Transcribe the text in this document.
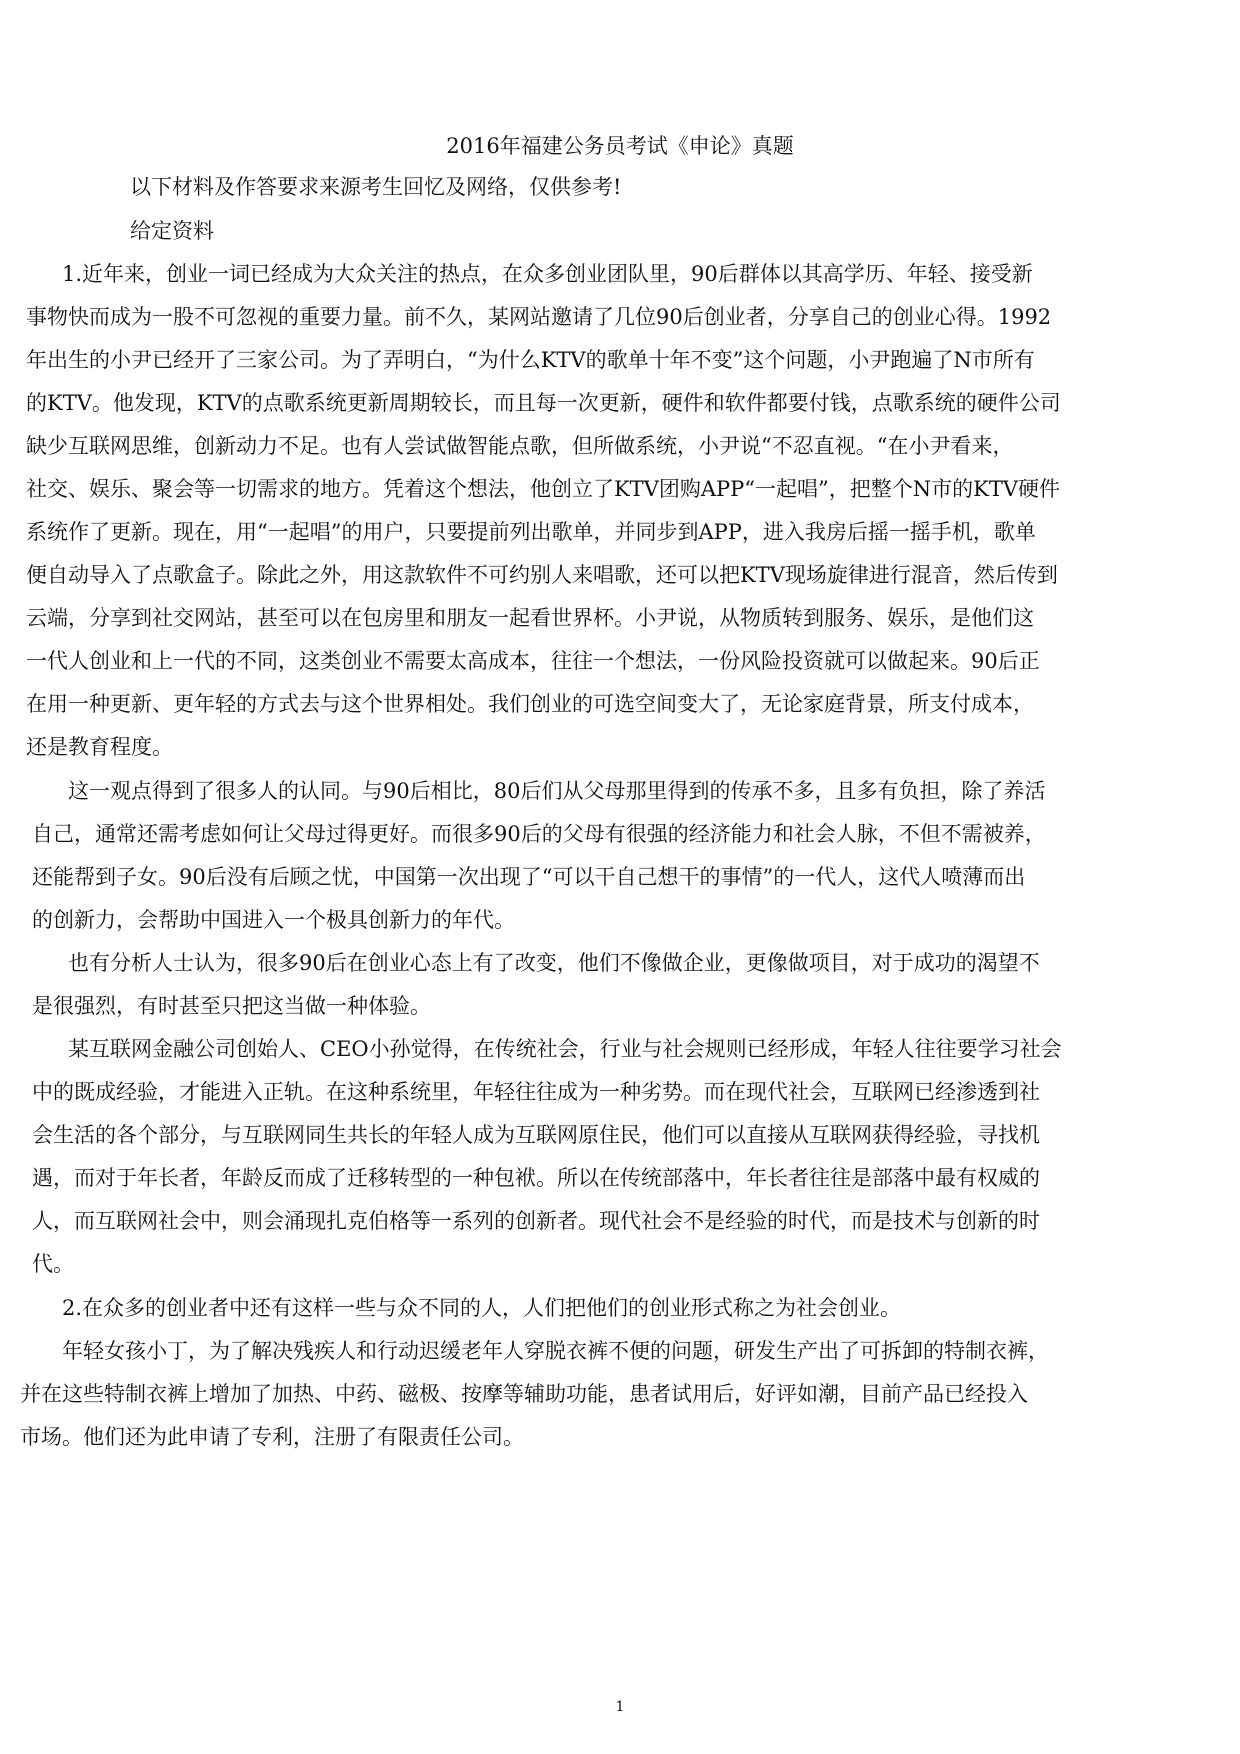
2016年福建公务员考试《申论》真题
以下材料及作答要求来源考生回忆及网络，仅供参考!
给定资料
1.近年来，创业一词已经成为大众关注的热点，在众多创业团队里，90后群体以其高学历、年轻、接受新
事物快而成为一股不可忽视的重要力量。前不久，某网站邀请了几位90后创业者，分享自己的创业心得。1992
年出生的小尹已经开了三家公司。为了弄明白，“为什么KTV的歌单十年不变”这个问题，小尹跑遍了N市所有
的KTV。他发现，KTV的点歌系统更新周期较长，而且每一次更新，硬件和软件都要付钱，点歌系统的硬件公司
缺少互联网思维，创新动力不足。也有人尝试做智能点歌，但所做系统，小尹说“不忍直视。“在小尹看来，
社交、娱乐、聚会等一切需求的地方。凭着这个想法，他创立了KTV团购APP“一起唱”，把整个N市的KTV硬件
系统作了更新。现在，用“一起唱”的用户，只要提前列出歌单，并同步到APP，进入我房后摇一摇手机，歌单
便自动导入了点歌盒子。除此之外，用这款软件不可约别人来唱歌，还可以把KTV现场旋律进行混音，然后传到
云端，分享到社交网站，甚至可以在包房里和朋友一起看世界杯。小尹说，从物质转到服务、娱乐，是他们这
一代人创业和上一代的不同，这类创业不需要太高成本，往往一个想法，一份风险投资就可以做起来。90后正
在用一种更新、更年轻的方式去与这个世界相处。我们创业的可选空间变大了，无论家庭背景，所支付成本，
还是教育程度。
这一观点得到了很多人的认同。与90后相比，80后们从父母那里得到的传承不多，且多有负担，除了养活
自己，通常还需考虑如何让父母过得更好。而很多90后的父母有很强的经济能力和社会人脉，不但不需被养，
还能帮到子女。90后没有后顾之忧，中国第一次出现了“可以干自己想干的事情”的一代人，这代人喷薄而出
的创新力，会帮助中国进入一个极具创新力的年代。
也有分析人士认为，很多90后在创业心态上有了改变，他们不像做企业，更像做项目，对于成功的渴望不
是很强烈，有时甚至只把这当做一种体验。
某互联网金融公司创始人、CEO小孙觉得，在传统社会，行业与社会规则已经形成，年轻人往往要学习社会
中的既成经验，才能进入正轨。在这种系统里，年轻往往成为一种劣势。而在现代社会，互联网已经渗透到社
会生活的各个部分，与互联网同生共长的年轻人成为互联网原住民，他们可以直接从互联网获得经验，寻找机
遇，而对于年长者，年龄反而成了迁移转型的一种包袱。所以在传统部落中，年长者往往是部落中最有权威的
人，而互联网社会中，则会涌现扎克伯格等一系列的创新者。现代社会不是经验的时代，而是技术与创新的时
代。
2.在众多的创业者中还有这样一些与众不同的人，人们把他们的创业形式称之为社会创业。
年轻女孩小丁，为了解决残疾人和行动迟缓老年人穿脱衣裤不便的问题，研发生产出了可拆卸的特制衣裤，
并在这些特制衣裤上增加了加热、中药、磁极、按摩等辅助功能，患者试用后，好评如潮，目前产品已经投入
市场。他们还为此申请了专利，注册了有限责任公司。
1
